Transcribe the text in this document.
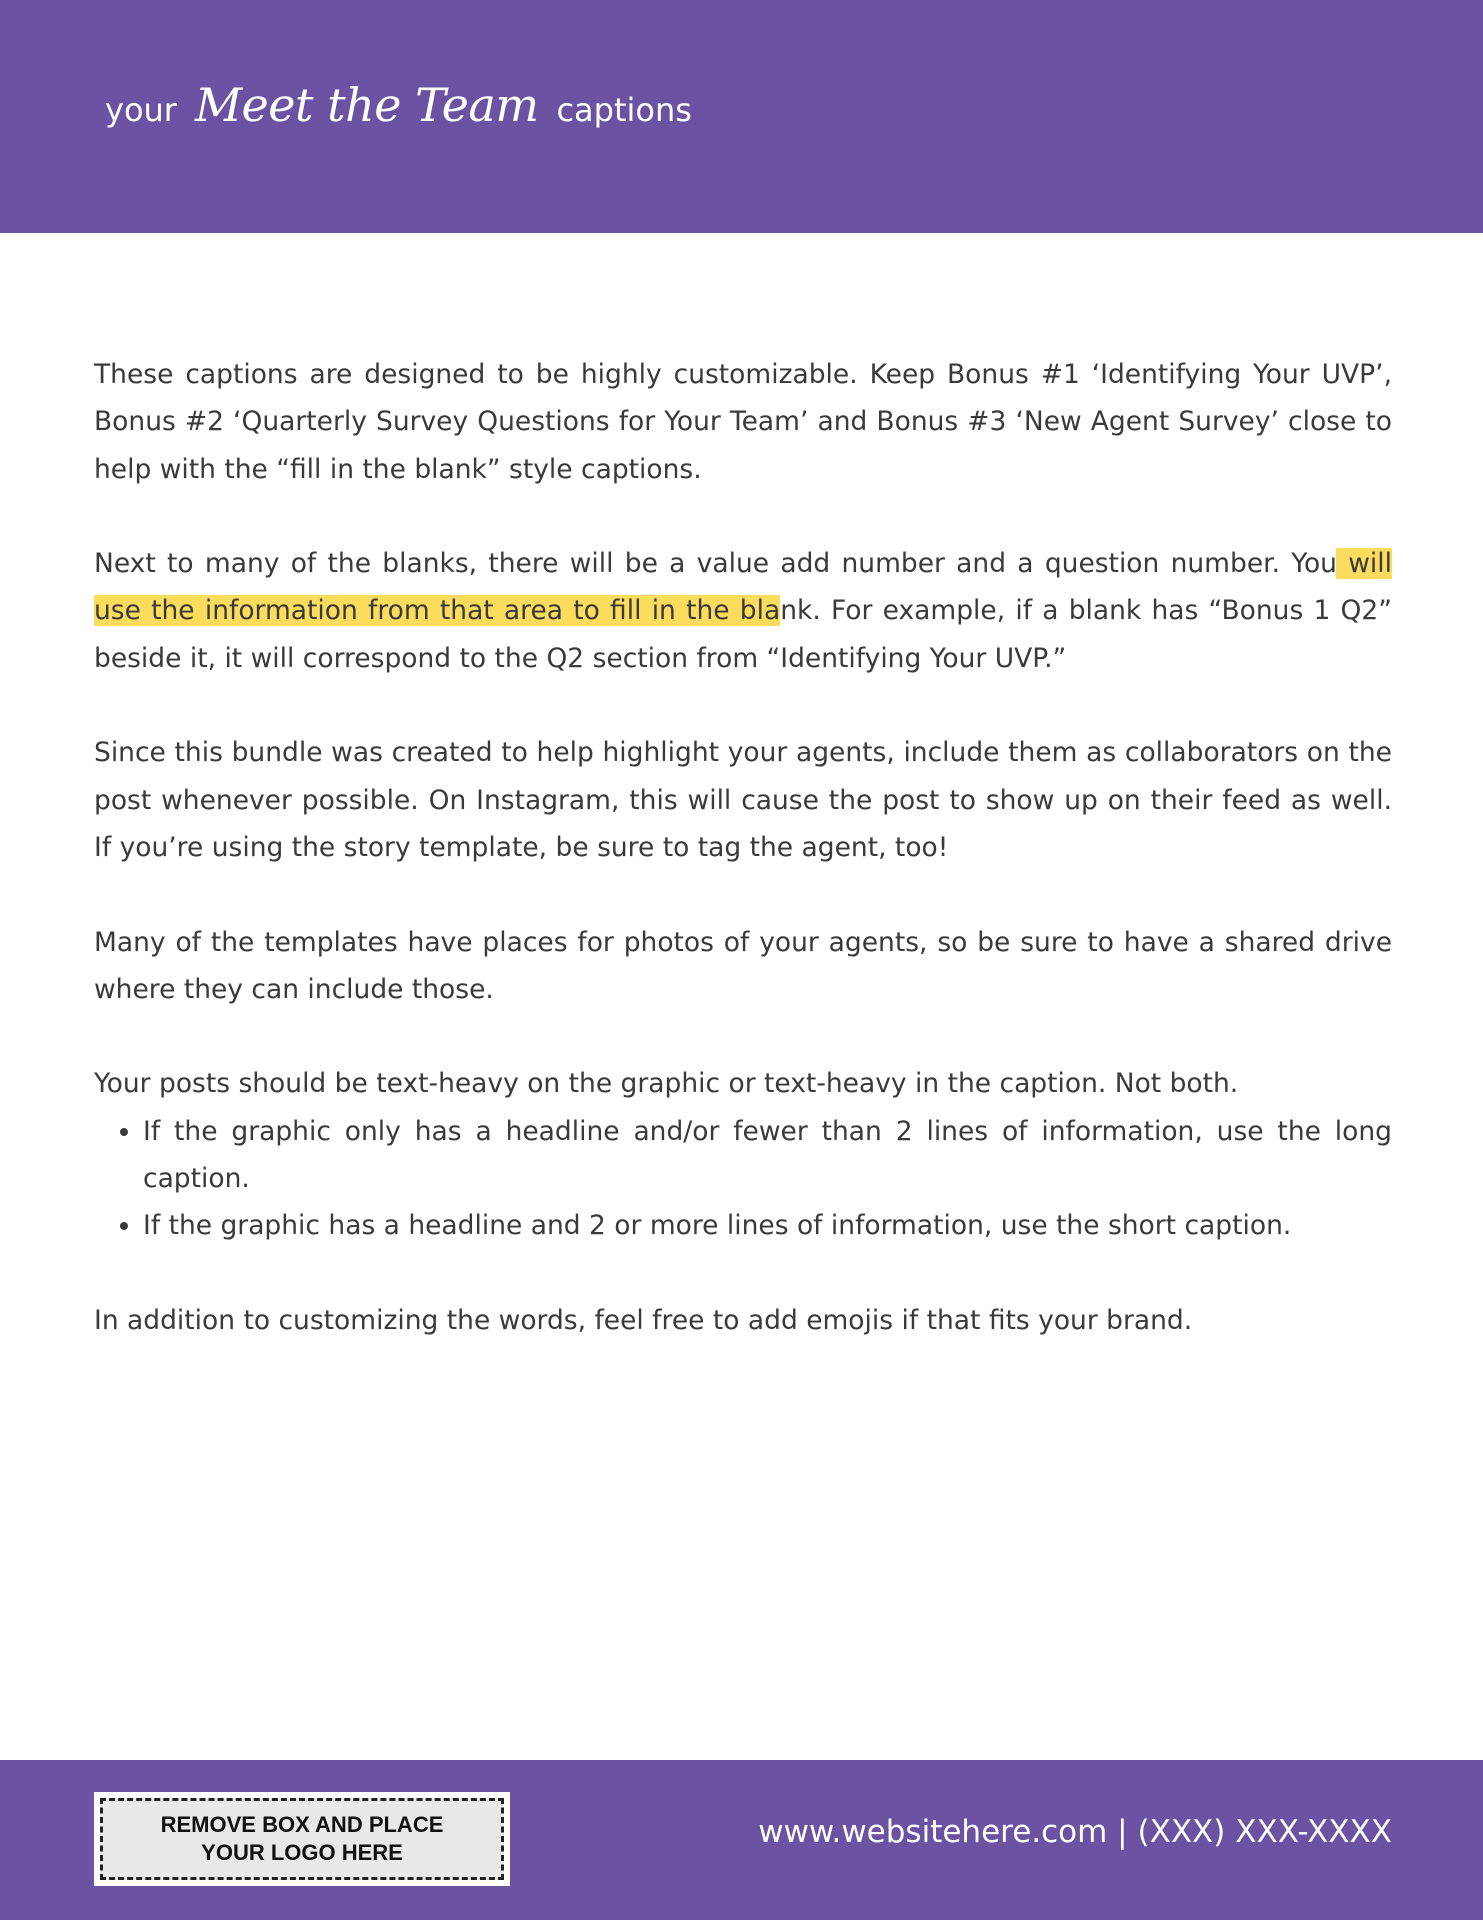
your Meet the Team captions

These captions are designed to be highly customizable. Keep Bonus #1 ‘Identifying Your UVP’, Bonus #2 ‘Quarterly Survey Questions for Your Team’ and Bonus #3 ‘New Agent Survey’ close to help with the “fill in the blank” style captions.

Next to many of the blanks, there will be a value add number and a question number. You will use the information from that area to fill in the blank. For example, if a blank has “Bonus 1 Q2” beside it, it will correspond to the Q2 section from “Identifying Your UVP.”

Since this bundle was created to help highlight your agents, include them as collaborators on the post whenever possible. On Instagram, this will cause the post to show up on their feed as well. If you’re using the story template, be sure to tag the agent, too!

Many of the templates have places for photos of your agents, so be sure to have a shared drive where they can include those.

Your posts should be text-heavy on the graphic or text-heavy in the caption. Not both.

• If the graphic only has a headline and/or fewer than 2 lines of information, use the long caption.
• If the graphic has a headline and 2 or more lines of information, use the short caption.

In addition to customizing the words, feel free to add emojis if that fits your brand.

REMOVE BOX AND PLACE
YOUR LOGO HERE
www.websitehere.com | (XXX) XXX-XXXX
